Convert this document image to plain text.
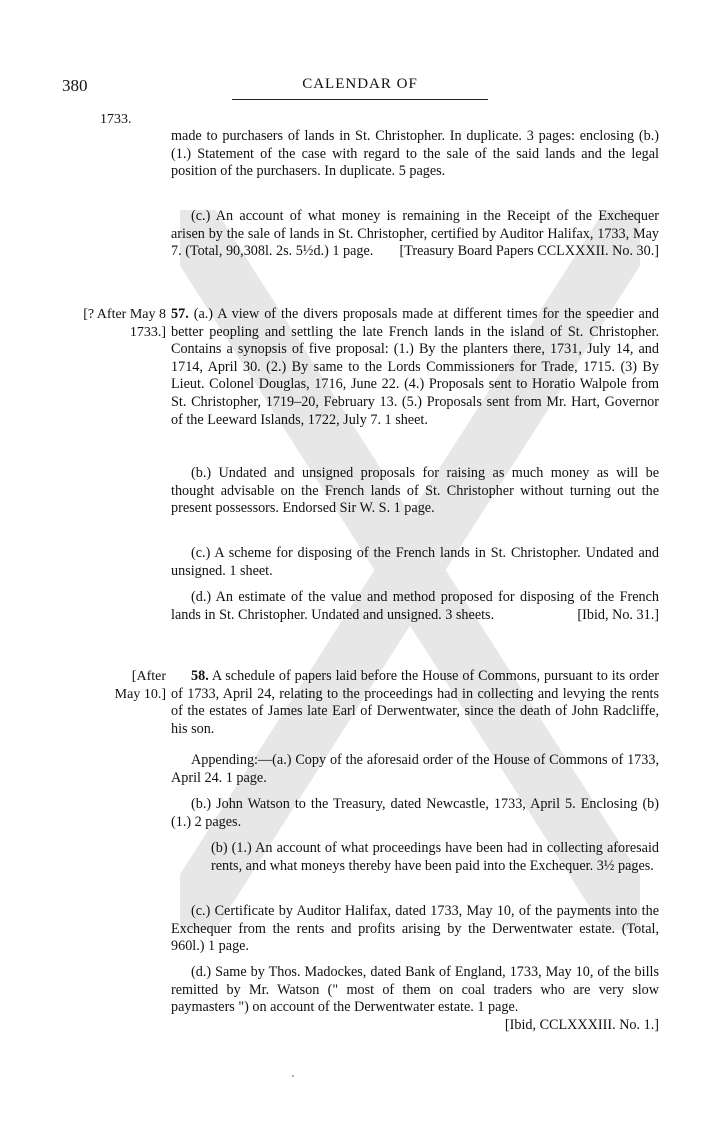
380	CALENDAR OF
1733.
[? After May 8
1733.]
[After
May 10.]

made to purchasers of lands in St. Christopher. In duplicate. 3 pages: enclosing (b.) (1.) Statement of the case with regard to the sale of the said lands and the legal position of the purchasers. In duplicate. 5 pages.

(c.) An account of what money is remaining in the Receipt of the Exchequer arisen by the sale of lands in St. Christopher, certified by Auditor Halifax, 1733, May 7. (Total, 90,308l. 2s. 5½d.) 1 page.	[Treasury Board Papers CCLXXXII. No. 30.]

57. (a.) A view of the divers proposals made at different times for the speedier and better peopling and settling the late French lands in the island of St. Christopher. Contains a synopsis of five proposal: (1.) By the planters there, 1731, July 14, and 1714, April 30. (2.) By same to the Lords Commissioners for Trade, 1715. (3) By Lieut. Colonel Douglas, 1716, June 22. (4.) Proposals sent to Horatio Walpole from St. Christopher, 1719–20, February 13. (5.) Proposals sent from Mr. Hart, Governor of the Leeward Islands, 1722, July 7. 1 sheet.

(b.) Undated and unsigned proposals for raising as much money as will be thought advisable on the French lands of St. Christopher without turning out the present possessors. Endorsed Sir W. S. 1 page.

(c.) A scheme for disposing of the French lands in St. Christopher. Undated and unsigned. 1 sheet.

(d.) An estimate of the value and method proposed for disposing of the French lands in St. Christopher. Undated and unsigned. 3 sheets.	[Ibid, No. 31.]

58. A schedule of papers laid before the House of Commons, pursuant to its order of 1733, April 24, relating to the proceedings had in collecting and levying the rents of the estates of James late Earl of Derwentwater, since the death of John Radcliffe, his son.

Appending:—(a.) Copy of the aforesaid order of the House of Commons of 1733, April 24. 1 page.

(b.) John Watson to the Treasury, dated Newcastle, 1733, April 5. Enclosing (b) (1.) 2 pages.

(b) (1.) An account of what proceedings have been had in collecting aforesaid rents, and what moneys thereby have been paid into the Exchequer. 3½ pages.

(c.) Certificate by Auditor Halifax, dated 1733, May 10, of the payments into the Exchequer from the rents and profits arising by the Derwentwater estate. (Total, 960l.) 1 page.

(d.) Same by Thos. Madockes, dated Bank of England, 1733, May 10, of the bills remitted by Mr. Watson (" most of them on coal traders who are very slow paymasters ") on account of the Derwentwater estate. 1 page.
[Ibid, CCLXXXIII. No. 1.]
